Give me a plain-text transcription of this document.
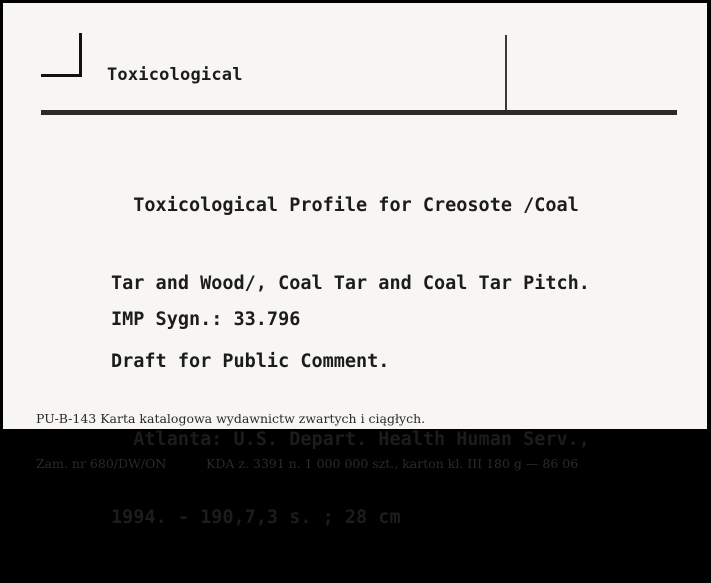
Toxicological

Toxicological Profile for Creosote /Coal

Tar and Wood/, Coal Tar and Coal Tar Pitch.

Draft for Public Comment.

Atlanta: U.S. Depart. Health Human Serv.,

1994. - 190,7,3 s. ; 28 cm

IMP Sygn.: 33.796

PU-B-143 Karta katalogowa wydawnictw zwartych i ciągłych.

Zam. nr 680/DW/ON          KDA z. 3391 n. 1 000 000 szt., karton kl. III 180 g — 86 06
